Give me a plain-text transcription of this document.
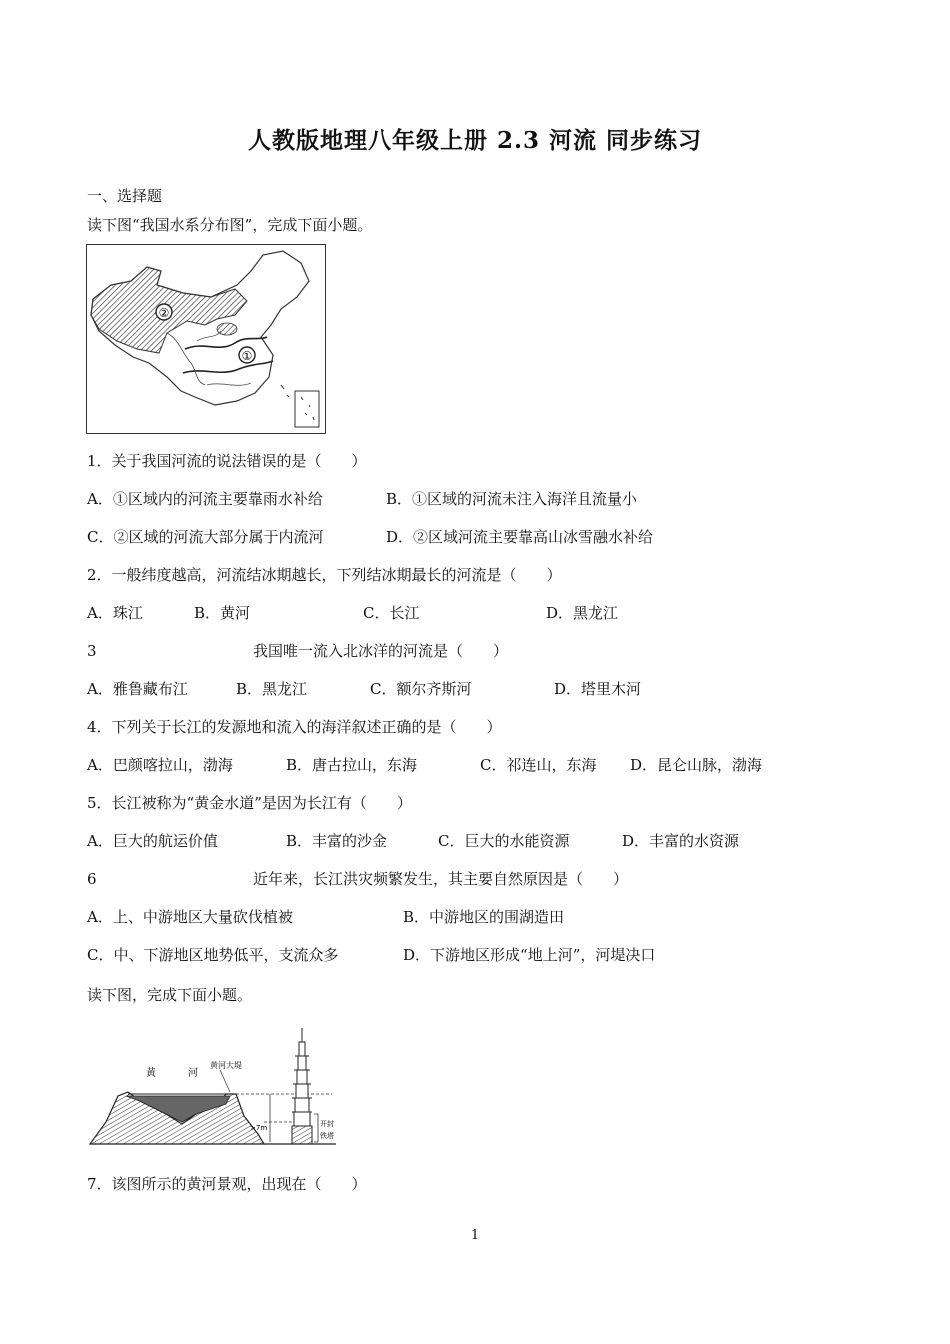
人教版地理八年级上册 2.3 河流 同步练习
一、选择题
读下图“我国水系分布图”，完成下面小题。
②
①
1．关于我国河流的说法错误的是（　　）
A．①区域内的河流主要靠雨水补给	B．①区域的河流未注入海洋且流量小
C．②区域的河流大部分属于内流河	D．②区域河流主要靠高山冰雪融水补给
2．一般纬度越高，河流结冰期越长，下列结冰期最长的河流是（　　）
A．珠江	B．黄河	C．长江	D．黑龙江
3	我国唯一流入北冰洋的河流是（　　）
A．雅鲁藏布江	B．黑龙江	C．额尔齐斯河	D．塔里木河
4．下列关于长江的发源地和流入的海洋叙述正确的是（　　）
A．巴颜喀拉山，渤海	B．唐古拉山，东海	C．祁连山，东海 D．昆仑山脉，渤海
5．长江被称为“黄金水道”是因为长江有（　　）
A．巨大的航运价值	B．丰富的沙金	C．巨大的水能资源	D．丰富的水资源
6	近年来，长江洪灾频繁发生，其主要自然原因是（　　）
A．上、中游地区大量砍伐植被	B．中游地区的围湖造田
C．中、下游地区地势低平，支流众多	D．下游地区形成“地上河”，河堤决口
读下图，完成下面小题。
黄	河
黄河大堤
开封
铁塔
>7m
7．该图所示的黄河景观，出现在（　　）
1
